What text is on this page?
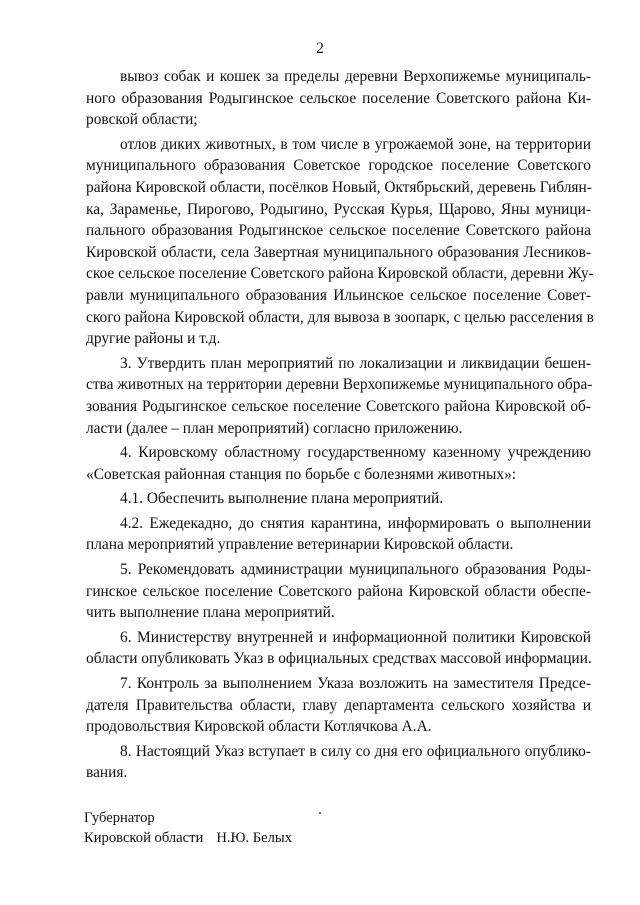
2
вывоз собак и кошек за пределы деревни Верхопижемье муниципаль-
ного образования Родыгинское сельское поселение Советского района Ки-
ровской области;
отлов диких животных, в том числе в угрожаемой зоне, на территории
муниципального образования Советское городское поселение Советского
района Кировской области, посёлков Новый, Октябрьский, деревень Гиблян-
ка, Зараменье, Пирогово, Родыгино, Русская Курья, Щарово, Яны муници-
пального образования Родыгинское сельское поселение Советского района
Кировской области, села Завертная муниципального образования Лесников-
ское сельское поселение Советского района Кировской области, деревни Жу-
равли муниципального образования Ильинское сельское поселение Совет-
ского района Кировской области, для вывоза в зоопарк, с целью расселения в
другие районы и т.д.
3. Утвердить план мероприятий по локализации и ликвидации бешен-
ства животных на территории деревни Верхопижемье муниципального обра-
зования Родыгинское сельское поселение Советского района Кировской об-
ласти (далее – план мероприятий) согласно приложению.
4. Кировскому областному государственному казенному учреждению
«Советская районная станция по борьбе с болезнями животных»:
4.1. Обеспечить выполнение плана мероприятий.
4.2. Ежедекадно, до снятия карантина, информировать о выполнении
плана мероприятий управление ветеринарии Кировской области.
5. Рекомендовать администрации муниципального образования Роды-
гинское сельское поселение Советского района Кировской области обеспе-
чить выполнение плана мероприятий.
6. Министерству внутренней и информационной политики Кировской
области опубликовать Указ в официальных средствах массовой информации.
7. Контроль за выполнением Указа возложить на заместителя Предсе-
дателя Правительства области, главу департамента сельского хозяйства и
продовольствия Кировской области Котлячкова А.А.
8. Настоящий Указ вступает в силу со дня его официального опублико-
вания.
Губернатор
Кировской области Н.Ю. Белых
